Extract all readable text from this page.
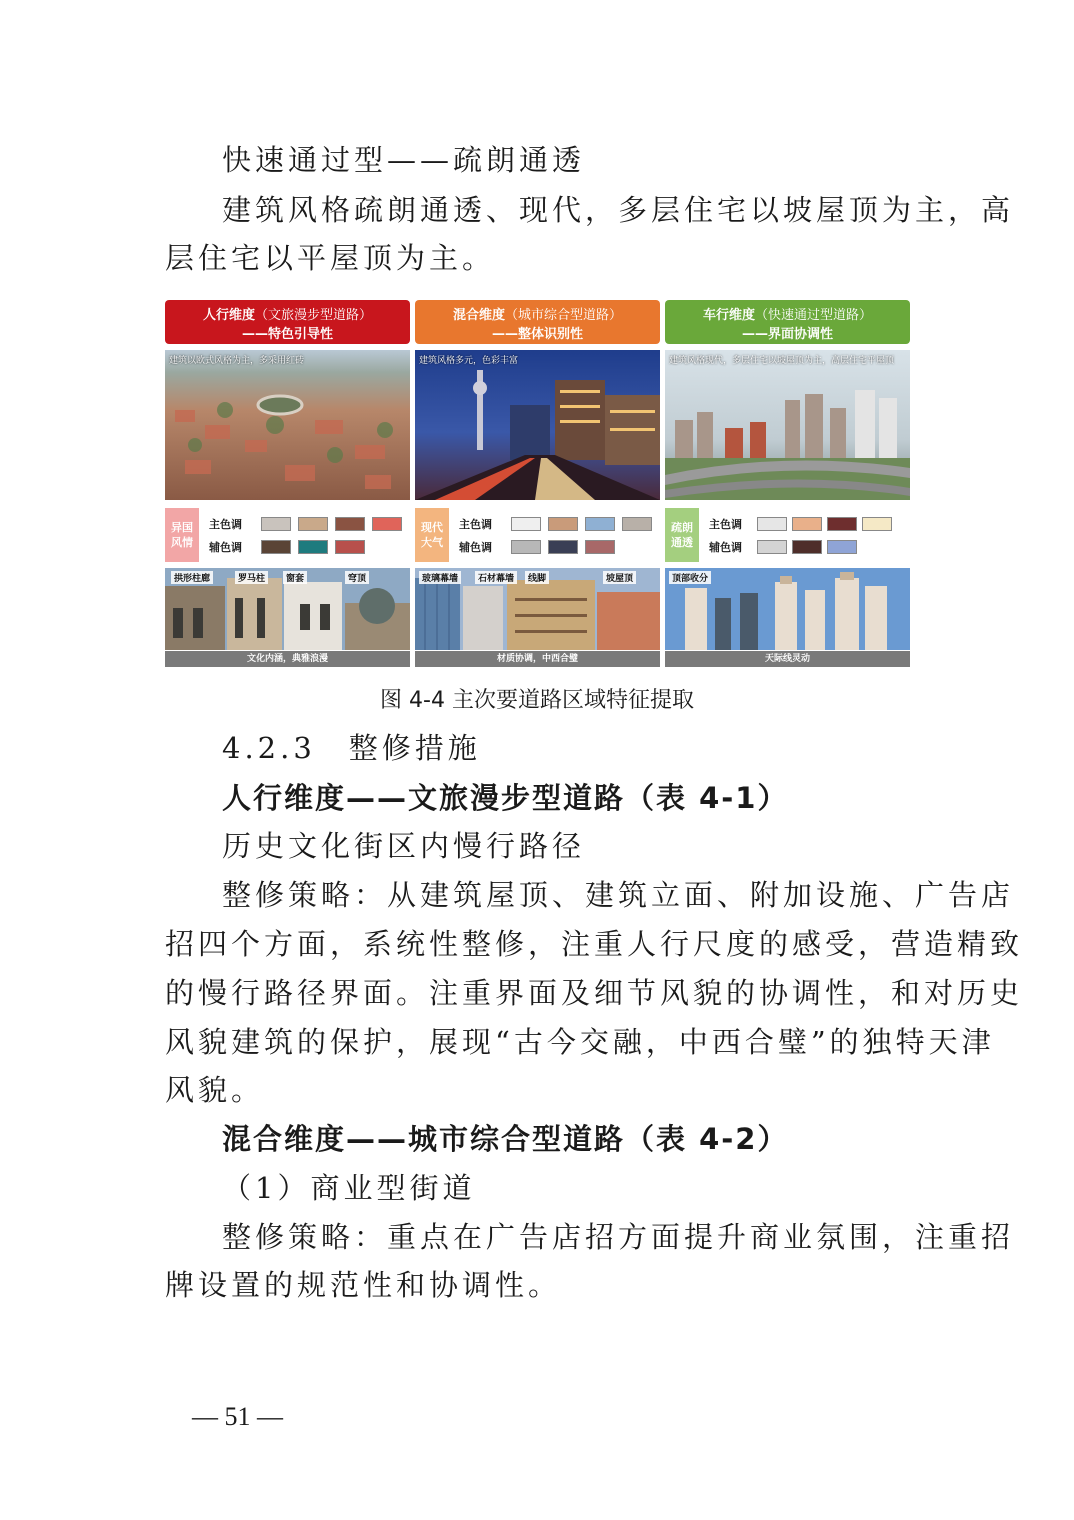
快速通过型——疏朗通透
建筑风格疏朗通透、现代，多层住宅以坡屋顶为主，高
层住宅以平屋顶为主。
人行维度（文旅漫步型道路）
——特色引导性
建筑以欧式风格为主，多采用红砖
异国风情
主色调
辅色调
拱形柱廊	罗马柱	窗套	穹顶
文化内涵，典雅浪漫
混合维度（城市综合型道路）
——整体识别性
建筑风格多元，色彩丰富
现代大气
主色调
辅色调
玻璃幕墙	石材幕墙	线脚	坡屋顶
材质协调，中西合璧
车行维度（快速通过型道路）
——界面协调性
建筑风格现代，多层住宅以坡屋顶为主，高层住宅平屋顶
疏朗通透
主色调
辅色调
顶部收分
天际线灵动
图 4-4 主次要道路区域特征提取
4.2.3　整修措施
人行维度——文旅漫步型道路（表 4-1）
历史文化街区内慢行路径
整修策略：从建筑屋顶、建筑立面、附加设施、广告店
招四个方面，系统性整修，注重人行尺度的感受，营造精致
的慢行路径界面。注重界面及细节风貌的协调性，和对历史
风貌建筑的保护，展现“古今交融，中西合璧”的独特天津
风貌。
混合维度——城市综合型道路（表 4-2）
（1）商业型街道
整修策略：重点在广告店招方面提升商业氛围，注重招
牌设置的规范性和协调性。
— 51 —
